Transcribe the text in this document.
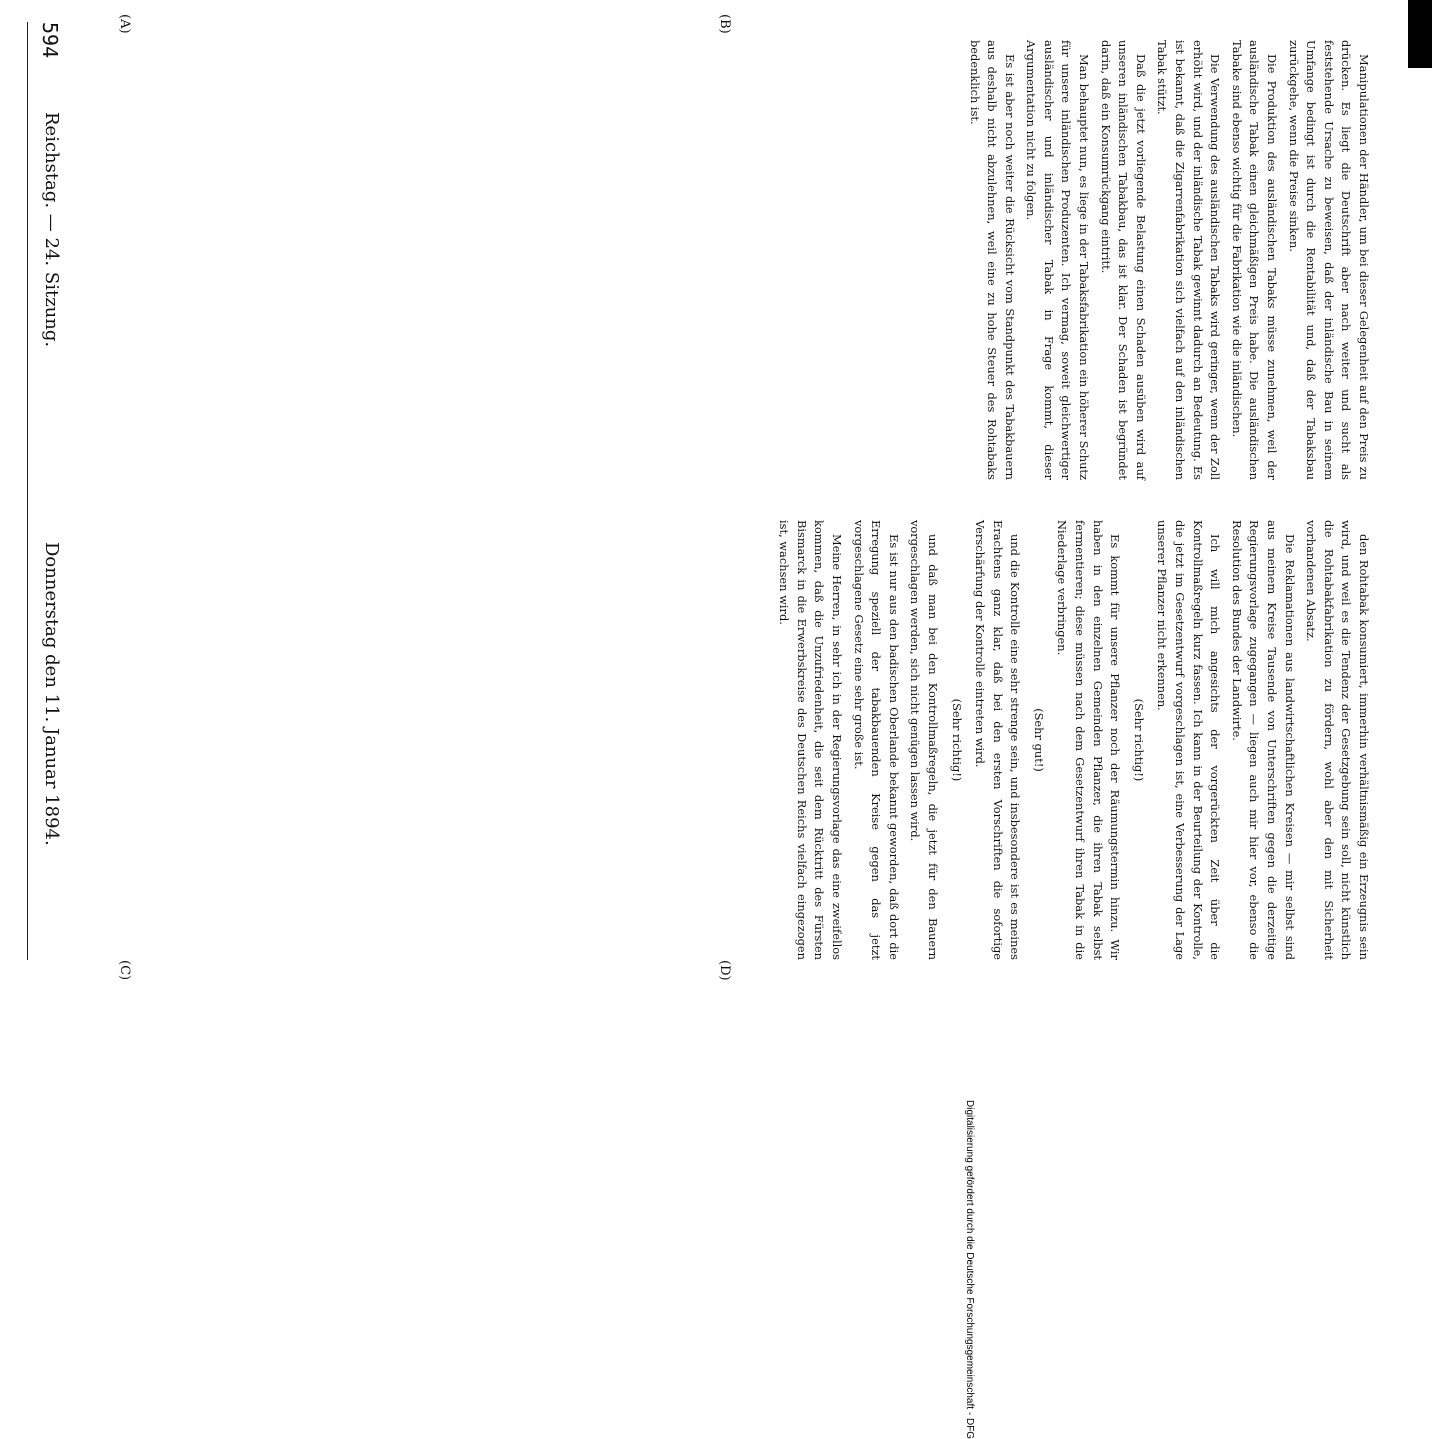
594
Reichstag. — 24. Sitzung.
Donnerstag den 11. Januar 1894.
(A)	(B)
(C)	(D)

Manipulationen der Händler, um bei dieser Gelegenheit auf den Preis zu drücken. Es liegt die Deutschrift aber nach weiter und sucht als feststehende Ursache zu beweisen, daß der inländische Bau in seinem Umfange bedingt ist durch die Rentabilität und, daß der Tabaksbau zurückgehe, wenn die Preise sinken.

Die Produktion des ausländischen Tabaks müsse zunehmen, weil der ausländische Tabak einen gleichmäßigen Preis habe. Die ausländischen Tabake sind ebenso wichtig für die Fabrikation wie die inländischen.

Die Verwendung des ausländischen Tabaks wird geringer, wenn der Zoll erhöht wird, und der inländische Tabak gewinnt dadurch an Bedeutung. Es ist bekannt, daß die Zigarrenfabrikation sich vielfach auf den inländischen Tabak stützt.

Daß die jetzt vorliegende Belastung einen Schaden ausüben wird auf unseren inländischen Tabakbau, das ist klar. Der Schaden ist begründet darin, daß ein Konsumrückgang eintritt.

Man behauptet nun, es liege in der Tabaksfabrikation ein höherer Schutz für unsere inländischen Produzenten. Ich vermag, soweit gleichwertiger ausländischer und inländischer Tabak in Frage kommt, dieser Argumentation nicht zu folgen.

Es ist aber noch weiter die Rücksicht vom Standpunkt des Tabakbauern aus deshalb nicht abzulehnen, weil eine zu hohe Steuer des Rohtabaks bedenklich ist.

den Rohtabak konsumiert, immerhin verhältnismäßig ein Erzeugnis sein wird, und weil es die Tendenz der Gesetzgebung sein soll, nicht künstlich die Rohtabakfabrikation zu fördern, wohl aber den mit Sicherheit vorhandenen Absatz.

Die Reklamationen aus landwirtschaftlichen Kreisen — mir selbst sind aus meinem Kreise Tausende von Unterschriften gegen die derzeitige Regierungsvorlage zugegangen — liegen auch mir hier vor, ebenso die Resolution des Bundes der Landwirte.

Ich will mich angesichts der vorgerückten Zeit über die Kontrollmaßregeln kurz fassen. Ich kann in der Beurteilung der Kontrolle, die jetzt im Gesetzentwurf vorgeschlagen ist, eine Verbesserung der Lage unserer Pflanzer nicht erkennen.

(Sehr richtig!)

Es kommt für unsere Pflanzer noch der Räumungstermin hinzu. Wir haben in den einzelnen Gemeinden Pflanzer, die ihren Tabak selbst fermentieren; diese müssen nach dem Gesetzentwurf ihren Tabak in die Niederlage verbringen.

(Sehr gut!)

und die Kontrolle eine sehr strenge sein, und insbesondere ist es meines Erachtens ganz klar, daß bei den ersten Vorschriften die sofortige Verschärfung der Kontrolle eintreten wird.

(Sehr richtig!)

und daß man bei den Kontrollmaßregeln, die jetzt für den Bauern vorgeschlagen werden, sich nicht genügen lassen wird.

Es ist nur aus den badischen Oberlande bekannt geworden, daß dort die Erregung speziell der tabakbauenden Kreise gegen das jetzt vorgeschlagene Gesetz eine sehr große ist.

Meine Herren, in sehr ich in der Regierungsvorlage das eine zweifellos kommen, daß die Unzufriedenheit, die seit dem Rücktritt des Fürsten Bismarck in die Erwerbskreise des Deutschen Reichs vielfach eingezogen ist, wachsen wird.

Digitalisierung gefördert durch die Deutsche Forschungsgemeinschaft - DFG
